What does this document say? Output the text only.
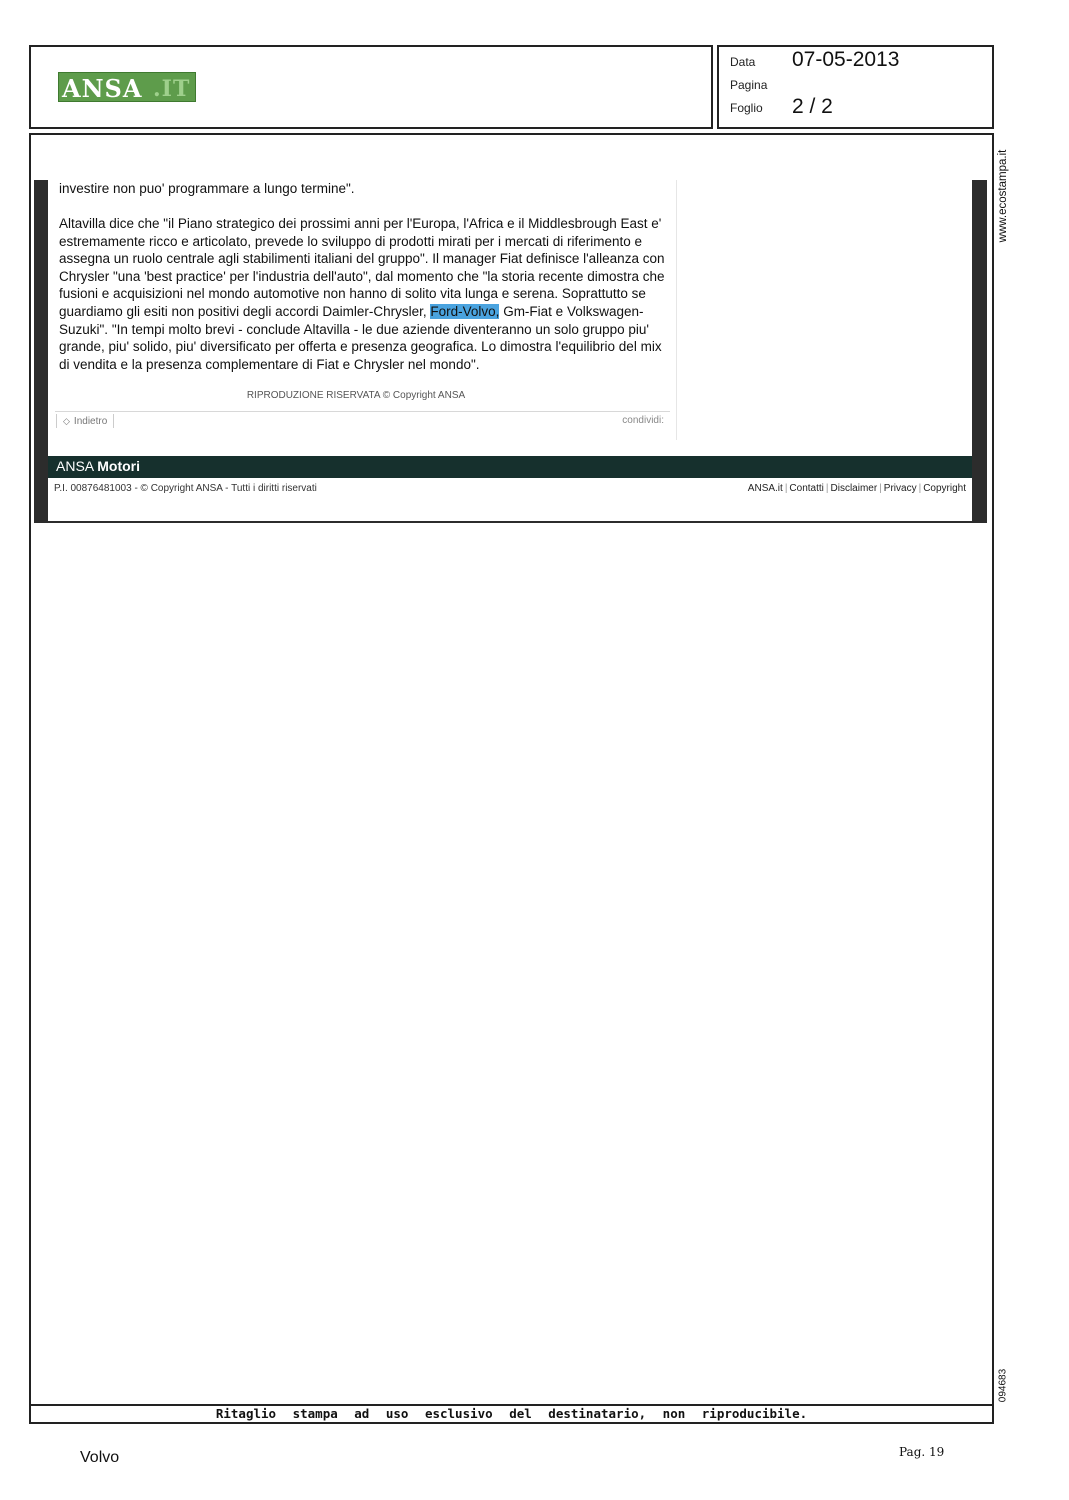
ANSA .IT
Data 07-05-2013
Pagina
Foglio 2 / 2
www.ecostampa.it
094683
investire non puo' programmare a lungo termine".
Altavilla dice che "il Piano strategico dei prossimi anni per l'Europa, l'Africa e il Middlesbrough East e' estremamente ricco e articolato, prevede lo sviluppo di prodotti mirati per i mercati di riferimento e assegna un ruolo centrale agli stabilimenti italiani del gruppo". Il manager Fiat definisce l'alleanza con Chrysler "una 'best practice' per l'industria dell'auto", dal momento che "la storia recente dimostra che fusioni e acquisizioni nel mondo automotive non hanno di solito vita lunga e serena. Soprattutto se guardiamo gli esiti non positivi degli accordi Daimler-Chrysler, Ford-Volvo, Gm-Fiat e Volkswagen-Suzuki". "In tempi molto brevi - conclude Altavilla - le due aziende diventeranno un solo gruppo piu' grande, piu' solido, piu' diversificato per offerta e presenza geografica. Lo dimostra l'equilibrio del mix di vendita e la presenza complementare di Fiat e Chrysler nel mondo".
RIPRODUZIONE RISERVATA © Copyright ANSA
◇ Indietro	condividi:
ANSA Motori
P.I. 00876481003 - © Copyright ANSA - Tutti i diritti riservati	ANSA.it | Contatti | Disclaimer | Privacy | Copyright
Ritaglio stampa ad uso esclusivo del destinatario, non riproducibile.
Volvo	Pag. 19
